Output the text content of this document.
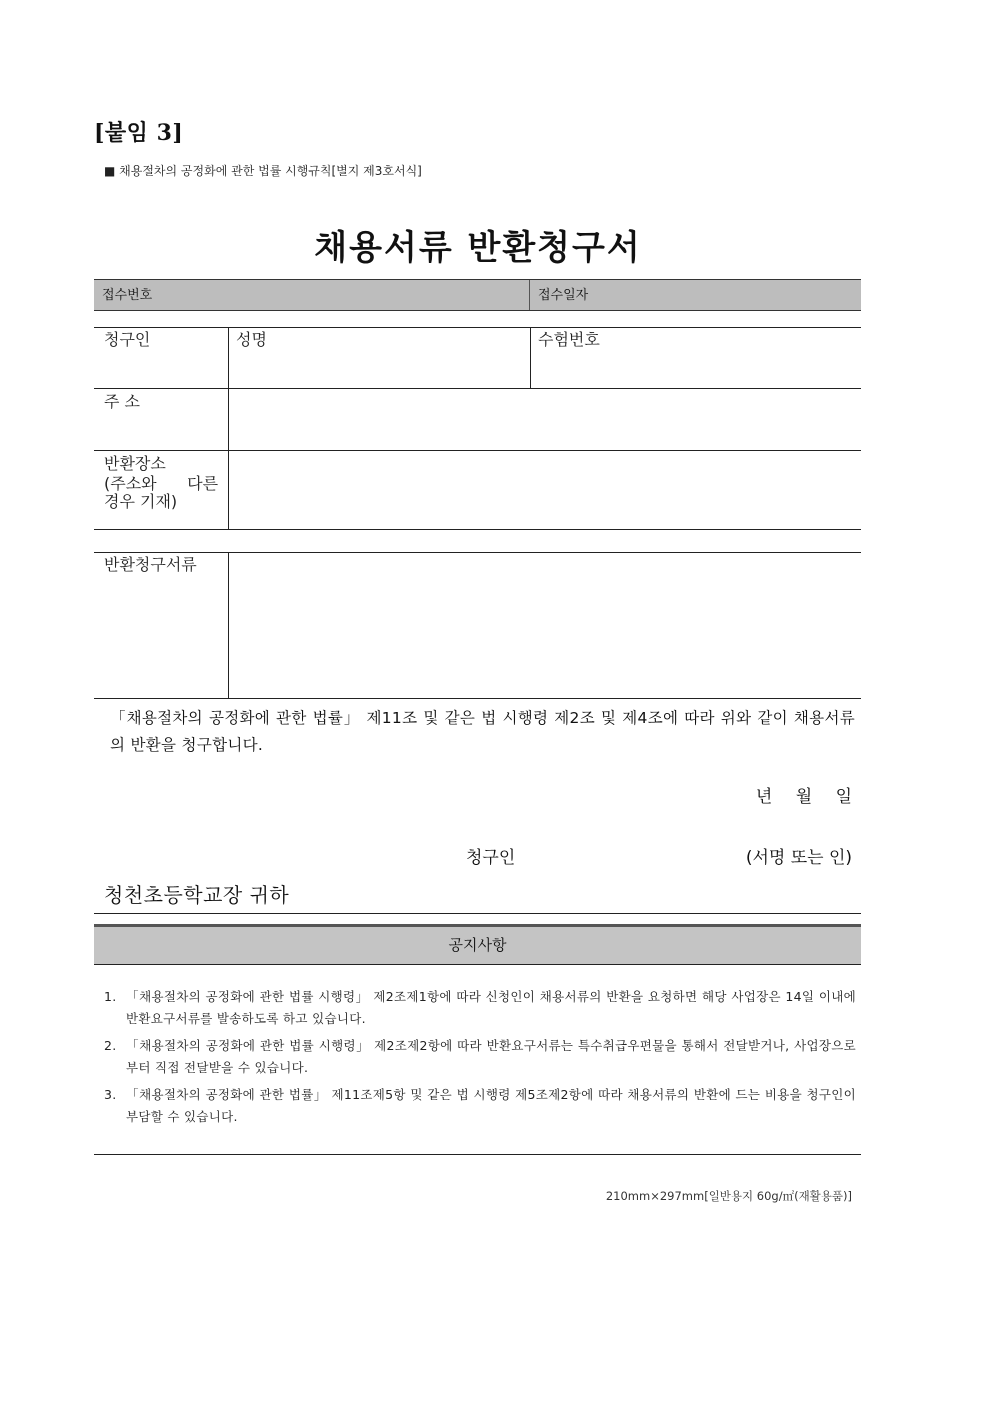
[붙임 3]
■ 채용절차의 공정화에 관한 법률 시행규칙[별지 제3호서식]
채용서류 반환청구서
접수번호	접수일자
청구인	성명	수험번호
주 소
반환장소
(주소와      다른
경우 기재)
반환청구서류
「채용절차의 공정화에 관한 법률」 제11조 및 같은 법 시행령 제2조 및 제4조에 따라 위와 같이 채용서류의 반환을 청구합니다.
년 월 일
청구인	(서명 또는 인)
청천초등학교장 귀하
공지사항
1. 「채용절차의 공정화에 관한 법률 시행령」 제2조제1항에 따라 신청인이 채용서류의 반환을 요청하면 해당 사업장은 14일 이내에 반환요구서류를 발송하도록 하고 있습니다.
2. 「채용절차의 공정화에 관한 법률 시행령」 제2조제2항에 따라 반환요구서류는 특수취급우편물을 통해서 전달받거나, 사업장으로부터 직접 전달받을 수 있습니다.
3. 「채용절차의 공정화에 관한 법률」 제11조제5항 및 같은 법 시행령 제5조제2항에 따라 채용서류의 반환에 드는 비용을 청구인이 부담할 수 있습니다.
210mm×297mm[일반용지 60g/㎡(재활용품)]
